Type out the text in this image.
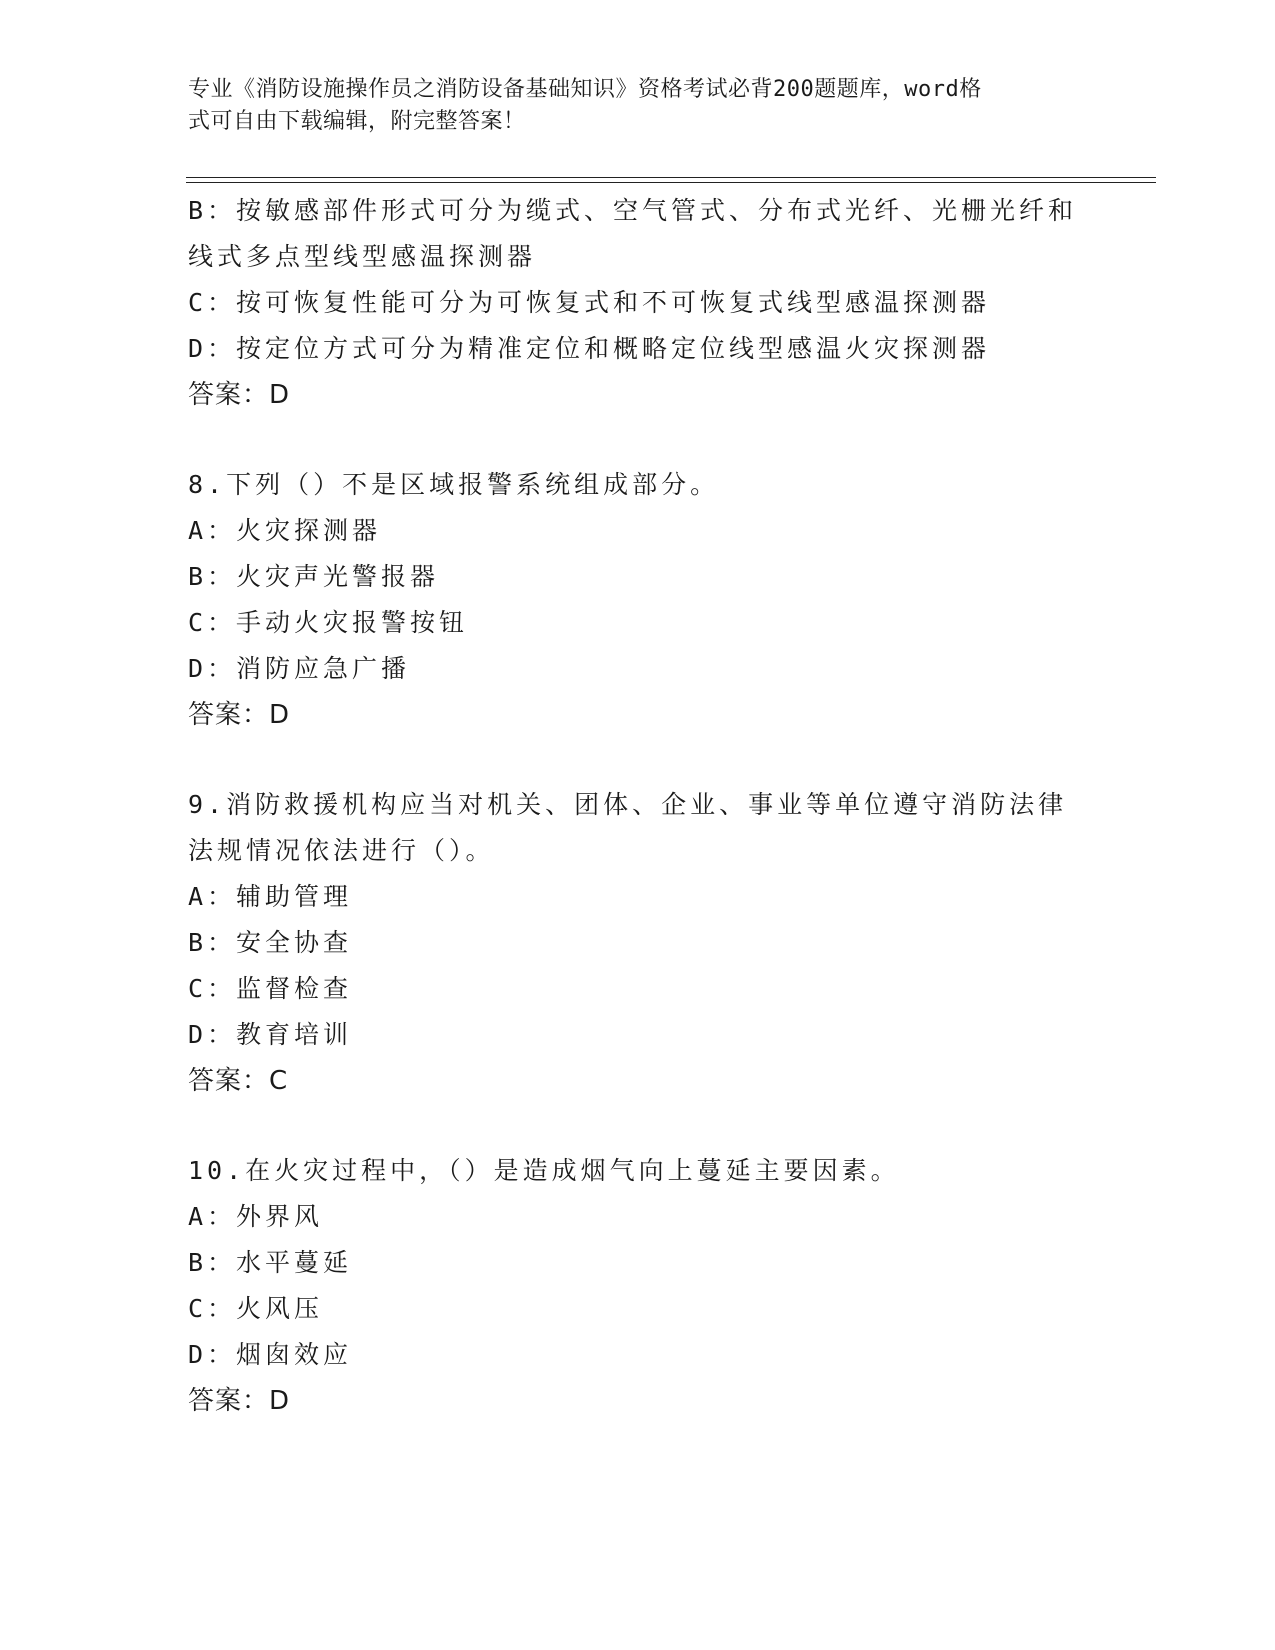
专业《消防设施操作员之消防设备基础知识》资格考试必背200题题库，word格
式可自由下载编辑，附完整答案！
B：按敏感部件形式可分为缆式、空气管式、分布式光纤、光栅光纤和
线式多点型线型感温探测器
C：按可恢复性能可分为可恢复式和不可恢复式线型感温探测器
D：按定位方式可分为精准定位和概略定位线型感温火灾探测器
答案：D
8.下列（）不是区域报警系统组成部分。
A：火灾探测器
B：火灾声光警报器
C：手动火灾报警按钮
D：消防应急广播
答案：D
9.消防救援机构应当对机关、团体、企业、事业等单位遵守消防法律
法规情况依法进行（）。
A：辅助管理
B：安全协查
C：监督检查
D：教育培训
答案：C
10.在火灾过程中，（）是造成烟气向上蔓延主要因素。
A：外界风
B：水平蔓延
C：火风压
D：烟囱效应
答案：D
